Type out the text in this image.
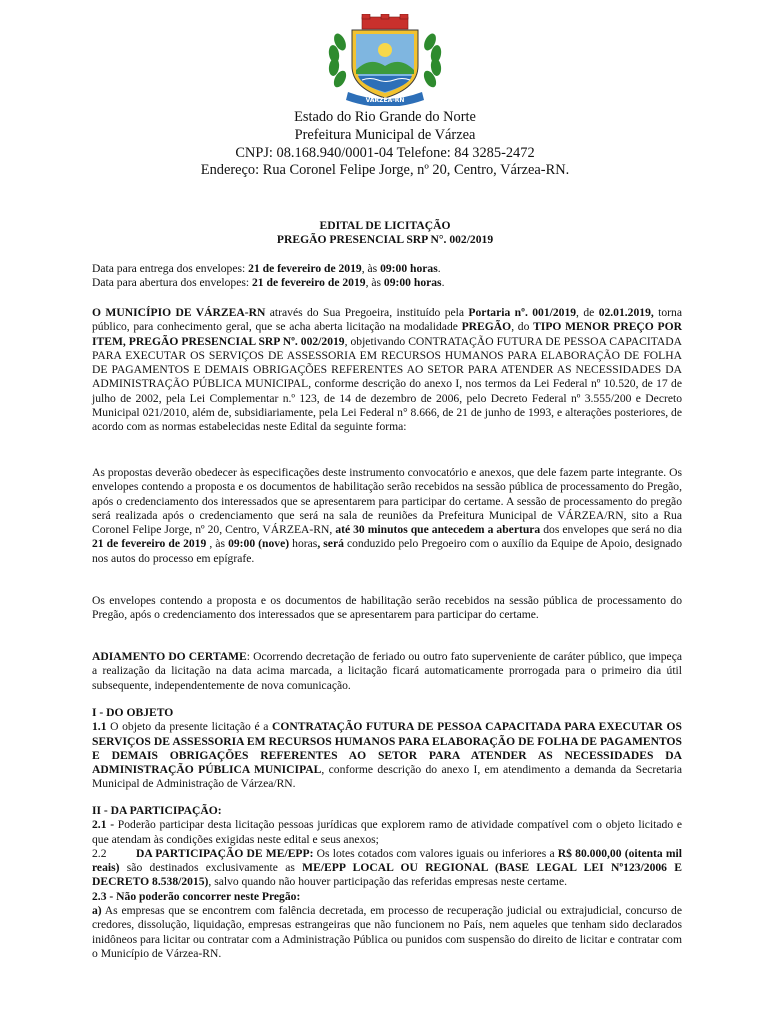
VÁRZEA-RN
Estado do Rio Grande do Norte
Prefeitura Municipal de Várzea
CNPJ: 08.168.940/0001-04 Telefone: 84 3285-2472
Endereço: Rua Coronel Felipe Jorge, nº 20, Centro, Várzea-RN.
EDITAL DE LICITAÇÃO
PREGÃO PRESENCIAL SRP N°. 002/2019
Data para entrega dos envelopes: 21 de fevereiro de 2019, às 09:00 horas.
Data para abertura dos envelopes: 21 de fevereiro de 2019, às 09:00 horas.
O MUNICÍPIO DE VÁRZEA-RN através do Sua Pregoeira, instituído pela Portaria nº. 001/2019, de 02.01.2019, torna público, para conhecimento geral, que se acha aberta licitação na modalidade PREGÃO, do TIPO MENOR PREÇO POR ITEM, PREGÃO PRESENCIAL SRP Nº. 002/2019, objetivando CONTRATAÇÃO FUTURA DE PESSOA CAPACITADA PARA EXECUTAR OS SERVIÇOS DE ASSESSORIA EM RECURSOS HUMANOS PARA ELABORAÇÃO DE FOLHA DE PAGAMENTOS E DEMAIS OBRIGAÇÕES REFERENTES AO SETOR PARA ATENDER AS NECESSIDADES DA ADMINISTRAÇÃO PÚBLICA MUNICIPAL, conforme descrição do anexo I, nos termos da Lei Federal nº 10.520, de 17 de julho de 2002, pela Lei Complementar n.º 123, de 14 de dezembro de 2006, pelo Decreto Federal nº 3.555/200 e Decreto Municipal 021/2010, além de, subsidiariamente, pela Lei Federal n° 8.666, de 21 de junho de 1993, e alterações posteriores, de acordo com as normas estabelecidas neste Edital da seguinte forma:
As propostas deverão obedecer às especificações deste instrumento convocatório e anexos, que dele fazem parte integrante. Os envelopes contendo a proposta e os documentos de habilitação serão recebidos na sessão pública de processamento do Pregão, após o credenciamento dos interessados que se apresentarem para participar do certame. A sessão de processamento do pregão será realizada após o credenciamento que será na sala de reuniões da Prefeitura Municipal de VÁRZEA/RN, sito a Rua Coronel Felipe Jorge, nº 20, Centro, VÁRZEA-RN, até 30 minutos que antecedem a abertura dos envelopes que será no dia 21 de fevereiro de 2019 , às 09:00 (nove) horas, será conduzido pelo Pregoeiro com o auxílio da Equipe de Apoio, designado nos autos do processo em epígrafe.
Os envelopes contendo a proposta e os documentos de habilitação serão recebidos na sessão pública de processamento do Pregão, após o credenciamento dos interessados que se apresentarem para participar do certame.
ADIAMENTO DO CERTAME: Ocorrendo decretação de feriado ou outro fato superveniente de caráter público, que impeça a realização da licitação na data acima marcada, a licitação ficará automaticamente prorrogada para o primeiro dia útil subsequente, independentemente de nova comunicação.
I - DO OBJETO
1.1 O objeto da presente licitação é a CONTRATAÇÃO FUTURA DE PESSOA CAPACITADA PARA EXECUTAR OS SERVIÇOS DE ASSESSORIA EM RECURSOS HUMANOS PARA ELABORAÇÃO DE FOLHA DE PAGAMENTOS E DEMAIS OBRIGAÇÕES REFERENTES AO SETOR PARA ATENDER AS NECESSIDADES DA ADMINISTRAÇÃO PÚBLICA MUNICIPAL, conforme descrição do anexo I, em atendimento a demanda da Secretaria Municipal de Administração de Várzea/RN.
II - DA PARTICIPAÇÃO:
2.1 - Poderão participar desta licitação pessoas jurídicas que explorem ramo de atividade compatível com o objeto licitado e que atendam às condições exigidas neste edital e seus anexos;
2.2	DA PARTICIPAÇÃO DE ME/EPP: Os lotes cotados com valores iguais ou inferiores a R$ 80.000,00 (oitenta mil reais) são destinados exclusivamente as ME/EPP LOCAL OU REGIONAL (BASE LEGAL LEI Nº123/2006 E DECRETO 8.538/2015), salvo quando não houver participação das referidas empresas neste certame.
2.3 - Não poderão concorrer neste Pregão:
a) As empresas que se encontrem com falência decretada, em processo de recuperação judicial ou extrajudicial, concurso de credores, dissolução, liquidação, empresas estrangeiras que não funcionem no País, nem aqueles que tenham sido declarados inidôneos para licitar ou contratar com a Administração Pública ou punidos com suspensão do direito de licitar e contratar com o Município de Várzea-RN.
